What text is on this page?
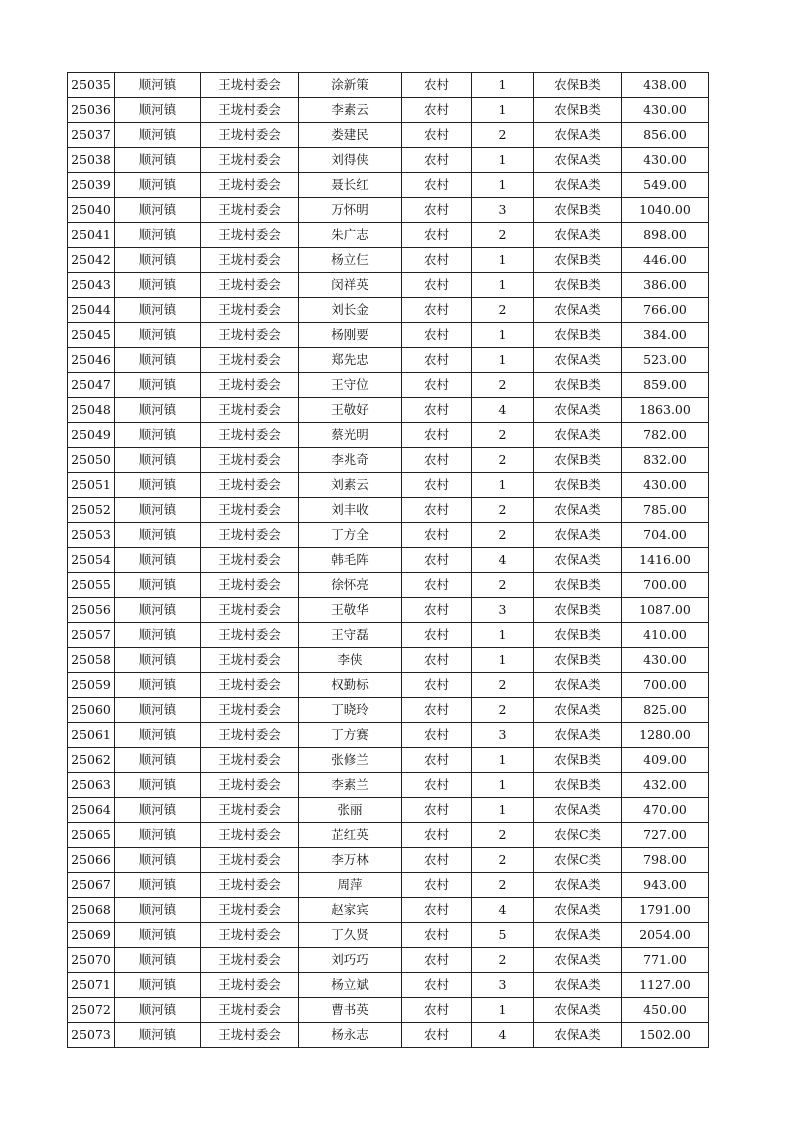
25035	顺河镇	王垅村委会	涂新策	农村	1	农保B类	438.00
25036	顺河镇	王垅村委会	李素云	农村	1	农保B类	430.00
25037	顺河镇	王垅村委会	娄建民	农村	2	农保A类	856.00
25038	顺河镇	王垅村委会	刘得侠	农村	1	农保A类	430.00
25039	顺河镇	王垅村委会	聂长红	农村	1	农保A类	549.00
25040	顺河镇	王垅村委会	万怀明	农村	3	农保B类	1040.00
25041	顺河镇	王垅村委会	朱广志	农村	2	农保A类	898.00
25042	顺河镇	王垅村委会	杨立仨	农村	1	农保B类	446.00
25043	顺河镇	王垅村委会	闵祥英	农村	1	农保B类	386.00
25044	顺河镇	王垅村委会	刘长金	农村	2	农保A类	766.00
25045	顺河镇	王垅村委会	杨刚要	农村	1	农保B类	384.00
25046	顺河镇	王垅村委会	郑先忠	农村	1	农保A类	523.00
25047	顺河镇	王垅村委会	王守位	农村	2	农保B类	859.00
25048	顺河镇	王垅村委会	王敬好	农村	4	农保A类	1863.00
25049	顺河镇	王垅村委会	蔡光明	农村	2	农保A类	782.00
25050	顺河镇	王垅村委会	李兆奇	农村	2	农保B类	832.00
25051	顺河镇	王垅村委会	刘素云	农村	1	农保B类	430.00
25052	顺河镇	王垅村委会	刘丰收	农村	2	农保A类	785.00
25053	顺河镇	王垅村委会	丁方全	农村	2	农保A类	704.00
25054	顺河镇	王垅村委会	韩毛阵	农村	4	农保A类	1416.00
25055	顺河镇	王垅村委会	徐怀亮	农村	2	农保B类	700.00
25056	顺河镇	王垅村委会	王敬华	农村	3	农保B类	1087.00
25057	顺河镇	王垅村委会	王守磊	农村	1	农保B类	410.00
25058	顺河镇	王垅村委会	李侠	农村	1	农保B类	430.00
25059	顺河镇	王垅村委会	权勤标	农村	2	农保A类	700.00
25060	顺河镇	王垅村委会	丁晓玲	农村	2	农保A类	825.00
25061	顺河镇	王垅村委会	丁方赛	农村	3	农保A类	1280.00
25062	顺河镇	王垅村委会	张修兰	农村	1	农保B类	409.00
25063	顺河镇	王垅村委会	李素兰	农村	1	农保B类	432.00
25064	顺河镇	王垅村委会	张丽	农村	1	农保A类	470.00
25065	顺河镇	王垅村委会	芷红英	农村	2	农保C类	727.00
25066	顺河镇	王垅村委会	李万林	农村	2	农保C类	798.00
25067	顺河镇	王垅村委会	周萍	农村	2	农保A类	943.00
25068	顺河镇	王垅村委会	赵家宾	农村	4	农保A类	1791.00
25069	顺河镇	王垅村委会	丁久贤	农村	5	农保A类	2054.00
25070	顺河镇	王垅村委会	刘巧巧	农村	2	农保A类	771.00
25071	顺河镇	王垅村委会	杨立斌	农村	3	农保A类	1127.00
25072	顺河镇	王垅村委会	曹书英	农村	1	农保A类	450.00
25073	顺河镇	王垅村委会	杨永志	农村	4	农保A类	1502.00
